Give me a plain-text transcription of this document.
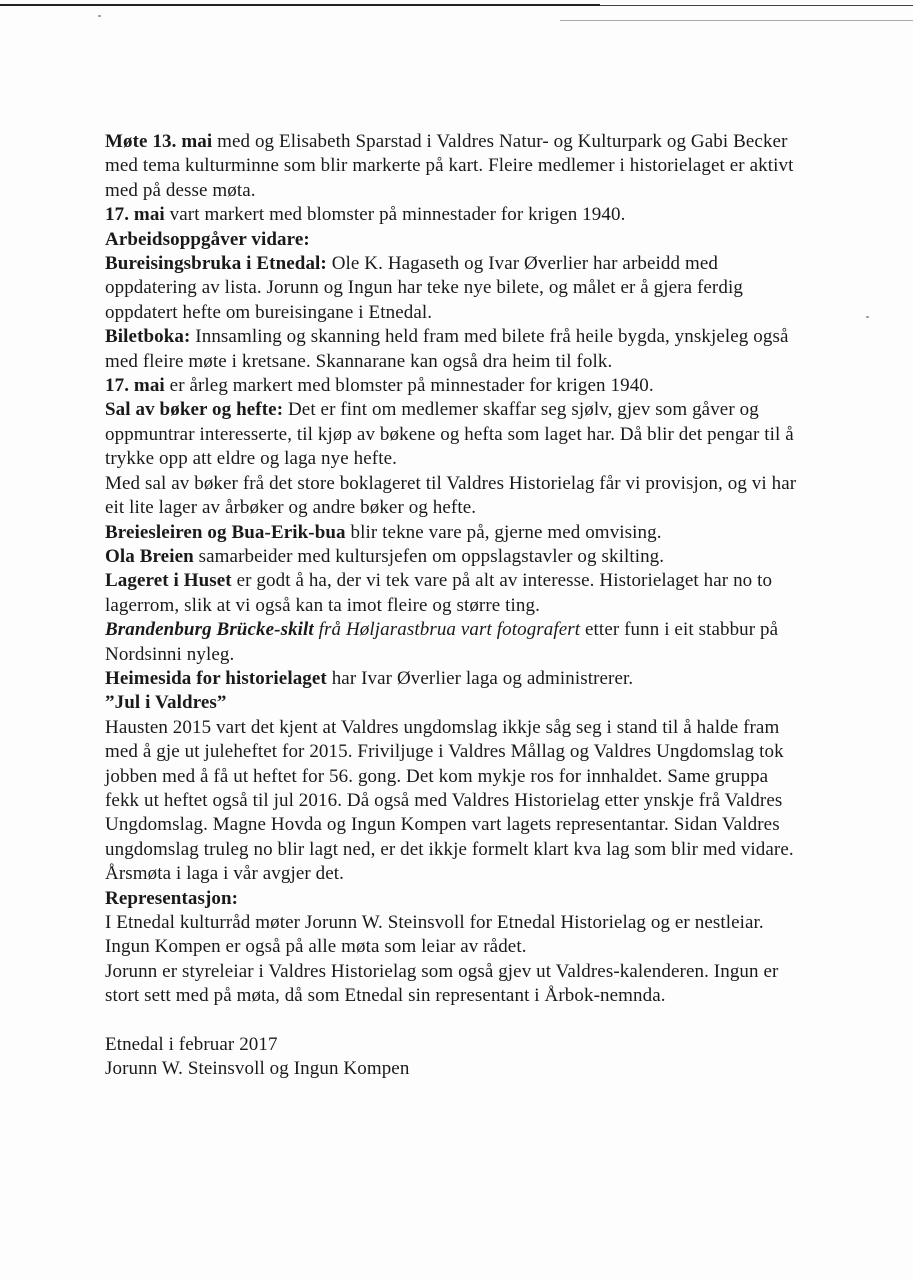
Møte 13. mai med og Elisabeth Sparstad i Valdres Natur- og Kulturpark og Gabi Becker med tema kulturminne som blir markerte på kart. Fleire medlemer i historielaget er aktivt med på desse møta.

17. mai vart markert med blomster på minnestader for krigen 1940.

Arbeidsoppgåver vidare:

Bureisingsbruka i Etnedal: Ole K. Hagaseth og Ivar Øverlier har arbeidd med oppdatering av lista. Jorunn og Ingun har teke nye bilete, og målet er å gjera ferdig oppdatert hefte om bureisingane i Etnedal.

Biletboka: Innsamling og skanning held fram med bilete frå heile bygda, ynskjeleg også med fleire møte i kretsane. Skannarane kan også dra heim til folk.

17. mai er årleg markert med blomster på minnestader for krigen 1940.

Sal av bøker og hefte: Det er fint om medlemer skaffar seg sjølv, gjev som gåver og oppmuntrar interesserte, til kjøp av bøkene og hefta som laget har. Då blir det pengar til å trykke opp att eldre og laga nye hefte.

Med sal av bøker frå det store boklageret til Valdres Historielag får vi provisjon, og vi har eit lite lager av årbøker og andre bøker og hefte.

Breiesleiren og Bua-Erik-bua blir tekne vare på, gjerne med omvising.

Ola Breien samarbeider med kultursjefen om oppslagstavler og skilting.

Lageret i Huset er godt å ha, der vi tek vare på alt av interesse. Historielaget har no to lagerrom, slik at vi også kan ta imot fleire og større ting.

Brandenburg Brücke-skilt frå Høljarastbrua vart fotografert etter funn i eit stabbur på Nordsinni nyleg.

Heimesida for historielaget har Ivar Øverlier laga og administrerer.

”Jul i Valdres”

Hausten 2015 vart det kjent at Valdres ungdomslag ikkje såg seg i stand til å halde fram med å gje ut juleheftet for 2015. Friviljuge i Valdres Mållag og Valdres Ungdomslag tok jobben med å få ut heftet for 56. gong. Det kom mykje ros for innhaldet. Same gruppa fekk ut heftet også til jul 2016. Då også med Valdres Historielag etter ynskje frå Valdres Ungdomslag. Magne Hovda og Ingun Kompen vart lagets representantar. Sidan Valdres ungdomslag truleg no blir lagt ned, er det ikkje formelt klart kva lag som blir med vidare. Årsmøta i laga i vår avgjer det.

Representasjon:

I Etnedal kulturråd møter Jorunn W. Steinsvoll for Etnedal Historielag og er nestleiar. Ingun Kompen er også på alle møta som leiar av rådet.

Jorunn er styreleiar i Valdres Historielag som også gjev ut Valdres-kalenderen. Ingun er stort sett med på møta, då som Etnedal sin representant i Årbok-nemnda.

Etnedal i februar 2017

Jorunn W. Steinsvoll og Ingun Kompen
